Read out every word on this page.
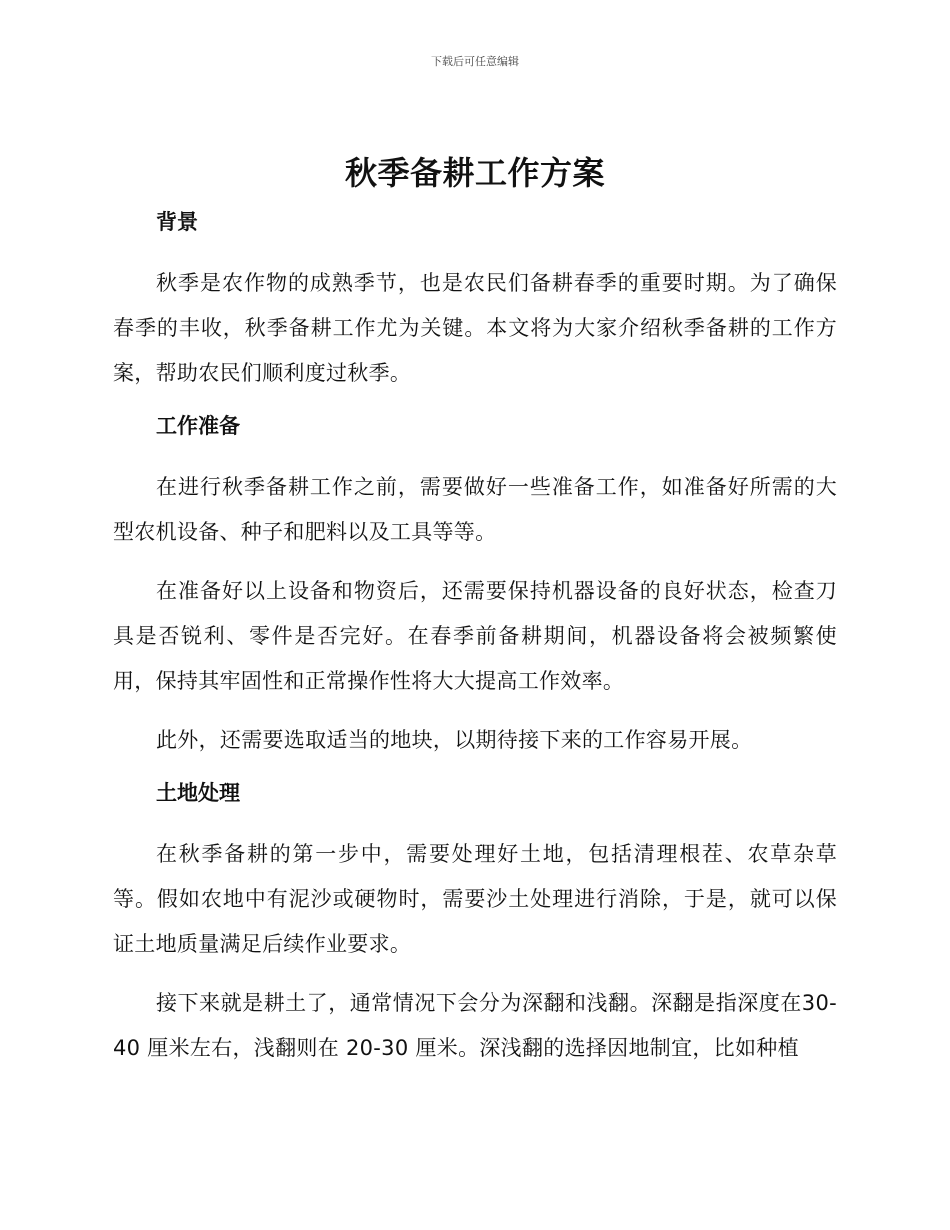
下载后可任意编辑
秋季备耕工作方案
背景

秋季是农作物的成熟季节，也是农民们备耕春季的重要时期。为了确保春季的丰收，秋季备耕工作尤为关键。本文将为大家介绍秋季备耕的工作方案，帮助农民们顺利度过秋季。

工作准备

在进行秋季备耕工作之前，需要做好一些准备工作，如准备好所需的大型农机设备、种子和肥料以及工具等等。

在准备好以上设备和物资后，还需要保持机器设备的良好状态，检查刀具是否锐利、零件是否完好。在春季前备耕期间，机器设备将会被频繁使用，保持其牢固性和正常操作性将大大提高工作效率。

此外，还需要选取适当的地块，以期待接下来的工作容易开展。

土地处理

在秋季备耕的第一步中，需要处理好土地，包括清理根茬、农草杂草等。假如农地中有泥沙或硬物时，需要沙土处理进行消除，于是，就可以保证土地质量满足后续作业要求。

接下来就是耕土了，通常情况下会分为深翻和浅翻。深翻是指深度在30-40 厘米左右，浅翻则在 20-30 厘米。深浅翻的选择因地制宜，比如种植
